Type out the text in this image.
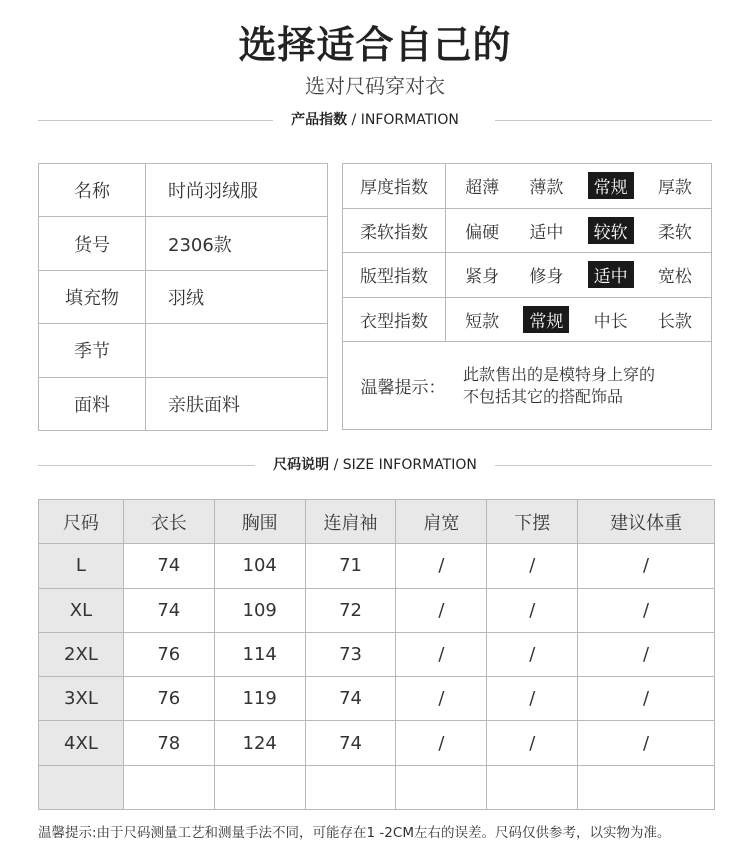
选择适合自己的
选对尺码穿对衣
产品指数 / INFORMATION
名称	时尚羽绒服
货号	2306款
填充物	羽绒
季节	
面料	亲肤面料
厚度指数	超薄	薄款	常规	厚款
柔软指数	偏硬	适中	较软	柔软
版型指数	紧身	修身	适中	宽松
衣型指数	短款	常规	中长	长款
温馨提示：
此款售出的是模特身上穿的
不包括其它的搭配饰品
尺码说明 / SIZE INFORMATION
尺码	衣长	胸围	连肩袖	肩宽	下摆	建议体重
L	74	104	71	/	/	/
XL	74	109	72	/	/	/
2XL	76	114	73	/	/	/
3XL	76	119	74	/	/	/
4XL	78	124	74	/	/	/

温馨提示:由于尺码测量工艺和测量手法不同，可能存在1 -2CM左右的误差。尺码仅供参考，以实物为准。
